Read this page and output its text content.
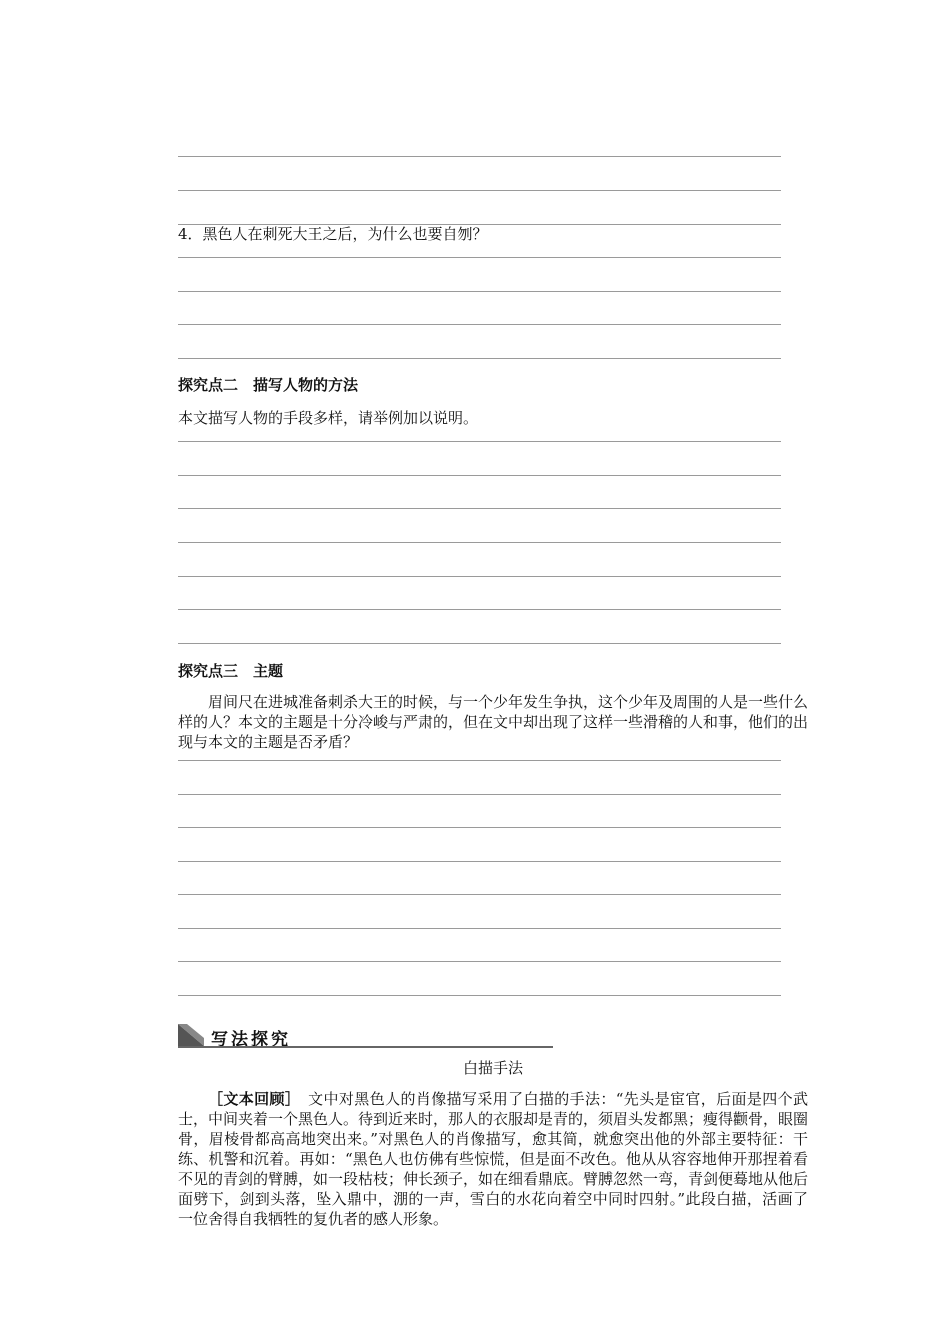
4．黑色人在刺死大王之后，为什么也要自刎？
探究点二　描写人物的方法
本文描写人物的手段多样，请举例加以说明。
探究点三　主题
眉间尺在进城准备刺杀大王的时候，与一个少年发生争执，这个少年及周围的人是一些什么样的人？本文的主题是十分冷峻与严肃的，但在文中却出现了这样一些滑稽的人和事，他们的出现与本文的主题是否矛盾？
写法探究
白描手法
［文本回顾］　 文中对黑色人的肖像描写采用了白描的手法：“先头是宦官，后面是四个武士，中间夹着一个黑色人。待到近来时，那人的衣服却是青的，须眉头发都黑；瘦得颧骨，眼圈骨，眉棱骨都高高地突出来。”对黑色人的肖像描写，愈其简，就愈突出他的外部主要特征：干练、机警和沉着。再如：“黑色人也仿佛有些惊慌，但是面不改色。他从从容容地伸开那捏着看不见的青剑的臂膊，如一段枯枝；伸长颈子，如在细看鼎底。臂膊忽然一弯，青剑便蓦地从他后面劈下，剑到头落，坠入鼎中，淜的一声，雪白的水花向着空中同时四射。”此段白描，活画了一位舍得自我牺牲的复仇者的感人形象。
